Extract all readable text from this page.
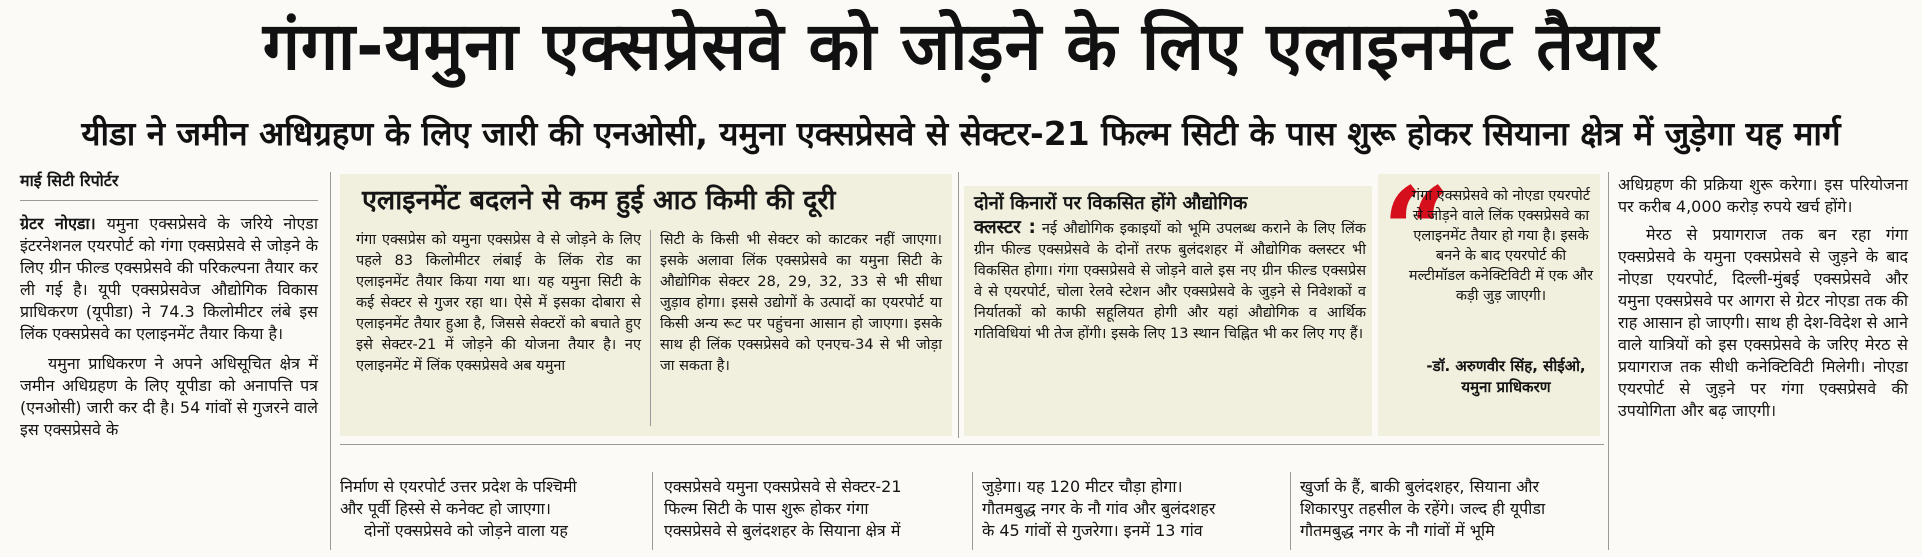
गंगा-यमुना एक्सप्रेसवे को जोड़ने के लिए एलाइनमेंट तैयार
यीडा ने जमीन अधिग्रहण के लिए जारी की एनओसी, यमुना एक्सप्रेसवे से सेक्टर-21 फिल्म सिटी के पास शुरू होकर सियाना क्षेत्र में जुड़ेगा यह मार्ग
माई सिटी रिपोर्टर

ग्रेटर नोएडा। यमुना एक्सप्रेसवे के जरिये नोएडा इंटरनेशनल एयरपोर्ट को गंगा एक्सप्रेसवे से जोड़ने के लिए ग्रीन फील्ड एक्सप्रेसवे की परिकल्पना तैयार कर ली गई है। यूपी एक्सप्रेसवेज औद्योगिक विकास प्राधिकरण (यूपीडा) ने 74.3 किलोमीटर लंबे इस लिंक एक्सप्रेसवे का एलाइनमेंट तैयार किया है।

यमुना प्राधिकरण ने अपने अधिसूचित क्षेत्र में जमीन अधिग्रहण के लिए यूपीडा को अनापत्ति पत्र (एनओसी) जारी कर दी है। 54 गांवों से गुजरने वाले इस एक्सप्रेसवे के

एलाइनमेंट बदलने से कम हुई आठ किमी की दूरी
गंगा एक्सप्रेस को यमुना एक्सप्रेस वे से जोड़ने के लिए पहले 83 किलोमीटर लंबाई के लिंक रोड का एलाइनमेंट तैयार किया गया था। यह यमुना सिटी के कई सेक्टर से गुजर रहा था। ऐसे में इसका दोबारा से एलाइनमेंट तैयार हुआ है, जिससे सेक्टरों को बचाते हुए इसे सेक्टर-21 में जोड़ने की योजना तैयार है। नए एलाइनमेंट में लिंक एक्सप्रेसवे अब यमुना
सिटी के किसी भी सेक्टर को काटकर नहीं जाएगा। इसके अलावा लिंक एक्सप्रेसवे का यमुना सिटी के औद्योगिक सेक्टर 28, 29, 32, 33 से भी सीधा जुड़ाव होगा। इससे उद्योगों के उत्पादों का एयरपोर्ट या किसी अन्य रूट पर पहुंचना आसान हो जाएगा। इसके साथ ही लिंक एक्सप्रेसवे को एनएच-34 से भी जोड़ा जा सकता है।
दोनों किनारों पर विकसित होंगे औद्योगिक
क्लस्टर : नई औद्योगिक इकाइयों को भूमि उपलब्ध कराने के लिए लिंक ग्रीन फील्ड एक्सप्रेसवे के दोनों तरफ बुलंदशहर में औद्योगिक क्लस्टर भी विकसित होगा। गंगा एक्सप्रेसवे से जोड़ने वाले इस नए ग्रीन फील्ड एक्सप्रेस वे से एयरपोर्ट, चोला रेलवे स्टेशन और एक्सप्रेसवे के जुड़ने से निवेशकों व निर्यातकों को काफी सहूलियत होगी और यहां औद्योगिक व आर्थिक गतिविधियां भी तेज होंगी। इसके लिए 13 स्थान चिह्नित भी कर लिए गए हैं।
“
गंगा एक्सप्रेसवे को नोएडा एयरपोर्ट से जोड़ने वाले लिंक एक्सप्रेसवे का एलाइनमेंट तैयार हो गया है। इसके बनने के बाद एयरपोर्ट की मल्टीमॉडल कनेक्टिविटी में एक और कड़ी जुड़ जाएगी।
-डॉ. अरुणवीर सिंह, सीईओ, यमुना प्राधिकरण

अधिग्रहण की प्रक्रिया शुरू करेगा। इस परियोजना पर करीब 4,000 करोड़ रुपये खर्च होंगे।

मेरठ से प्रयागराज तक बन रहा गंगा एक्सप्रेसवे के यमुना एक्सप्रेसवे से जुड़ने के बाद नोएडा एयरपोर्ट, दिल्ली-मुंबई एक्सप्रेसवे और यमुना एक्सप्रेसवे पर आगरा से ग्रेटर नोएडा तक की राह आसान हो जाएगी। साथ ही देश-विदेश से आने वाले यात्रियों को इस एक्सप्रेसवे के जरिए मेरठ से प्रयागराज तक सीधी कनेक्टिविटी मिलेगी। नोएडा एयरपोर्ट से जुड़ने पर गंगा एक्सप्रेसवे की उपयोगिता और बढ़ जाएगी।

निर्माण से एयरपोर्ट उत्तर प्रदेश के पश्चिमी
और पूर्वी हिस्से से कनेक्ट हो जाएगा।
दोनों एक्सप्रेसवे को जोड़ने वाला यह
एक्सप्रेसवे यमुना एक्सप्रेसवे से सेक्टर-21
फिल्म सिटी के पास शुरू होकर गंगा
एक्सप्रेसवे से बुलंदशहर के सियाना क्षेत्र में
जुड़ेगा। यह 120 मीटर चौड़ा होगा।
गौतमबुद्ध नगर के नौ गांव और बुलंदशहर
के 45 गांवों से गुजरेगा। इनमें 13 गांव
खुर्जा के हैं, बाकी बुलंदशहर, सियाना और
शिकारपुर तहसील के रहेंगे। जल्द ही यूपीडा
गौतमबुद्ध नगर के नौ गांवों में भूमि
